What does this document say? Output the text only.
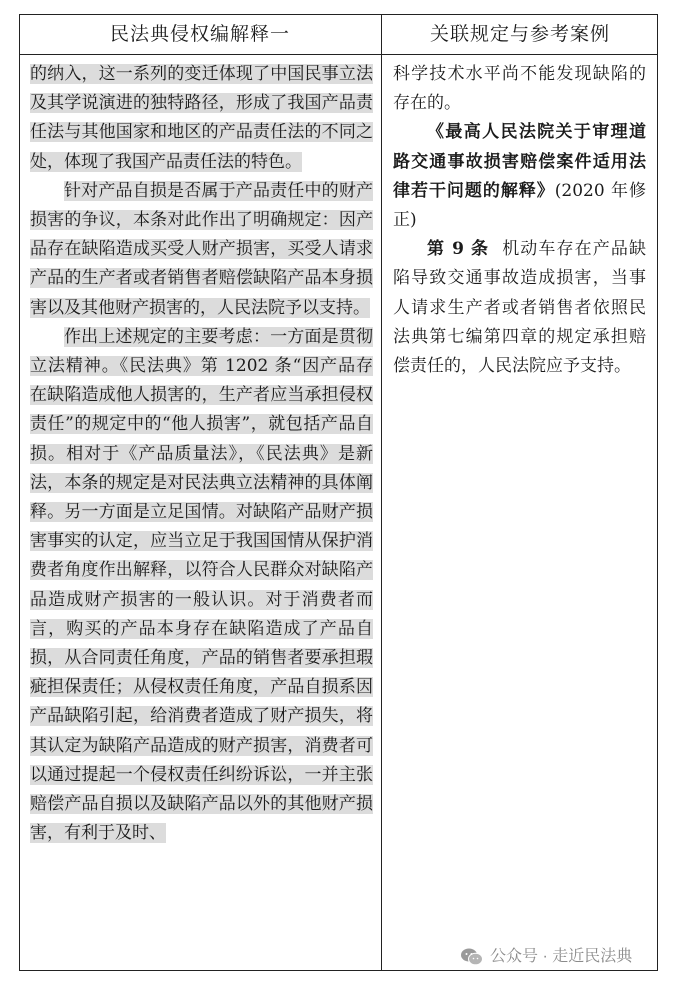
民法典侵权编解释一	关联规定与参考案例

的纳入，这一系列的变迁体现了中国民事立法及其学说演进的独特路径，形成了我国产品责任法与其他国家和地区的产品责任法的不同之处，体现了我国产品责任法的特色。

针对产品自损是否属于产品责任中的财产损害的争议，本条对此作出了明确规定：因产品存在缺陷造成买受人财产损害，买受人请求产品的生产者或者销售者赔偿缺陷产品本身损害以及其他财产损害的，人民法院予以支持。

作出上述规定的主要考虑：一方面是贯彻立法精神。《民法典》第 1202 条“因产品存在缺陷造成他人损害的，生产者应当承担侵权责任”的规定中的“他人损害”，就包括产品自损。相对于《产品质量法》，《民法典》是新法，本条的规定是对民法典立法精神的具体阐释。另一方面是立足国情。对缺陷产品财产损害事实的认定，应当立足于我国国情从保护消费者角度作出解释，以符合人民群众对缺陷产品造成财产损害的一般认识。对于消费者而言，购买的产品本身存在缺陷造成了产品自损，从合同责任角度，产品的销售者要承担瑕疵担保责任；从侵权责任角度，产品自损系因产品缺陷引起，给消费者造成了财产损失，将其认定为缺陷产品造成的财产损害，消费者可以通过提起一个侵权责任纠纷诉讼，一并主张赔偿产品自损以及缺陷产品以外的其他财产损害，有利于及时、

科学技术水平尚不能发现缺陷的存在的。

《最高人民法院关于审理道路交通事故损害赔偿案件适用法律若干问题的解释》(2020 年修正)

第 9 条 机动车存在产品缺陷导致交通事故造成损害，当事人请求生产者或者销售者依照民法典第七编第四章的规定承担赔偿责任的，人民法院应予支持。

公众号 · 走近民法典
